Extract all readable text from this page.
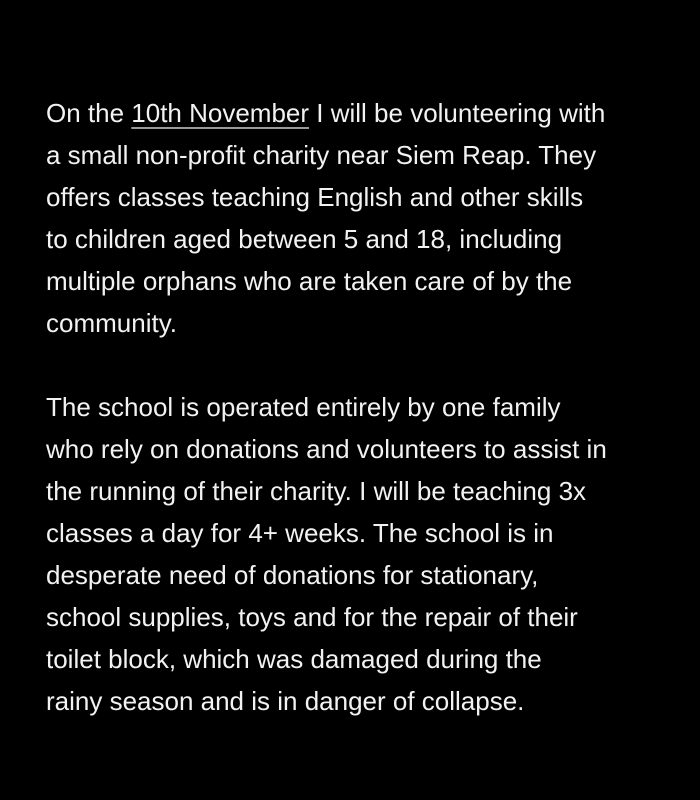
On the 10th November I will be volunteering with
a small non-profit charity near Siem Reap. They
offers classes teaching English and other skills
to children aged between 5 and 18, including
multiple orphans who are taken care of by the
community.

The school is operated entirely by one family
who rely on donations and volunteers to assist in
the running of their charity. I will be teaching 3x
classes a day for 4+ weeks. The school is in
desperate need of donations for stationary,
school supplies, toys and for the repair of their
toilet block, which was damaged during the
rainy season and is in danger of collapse.
